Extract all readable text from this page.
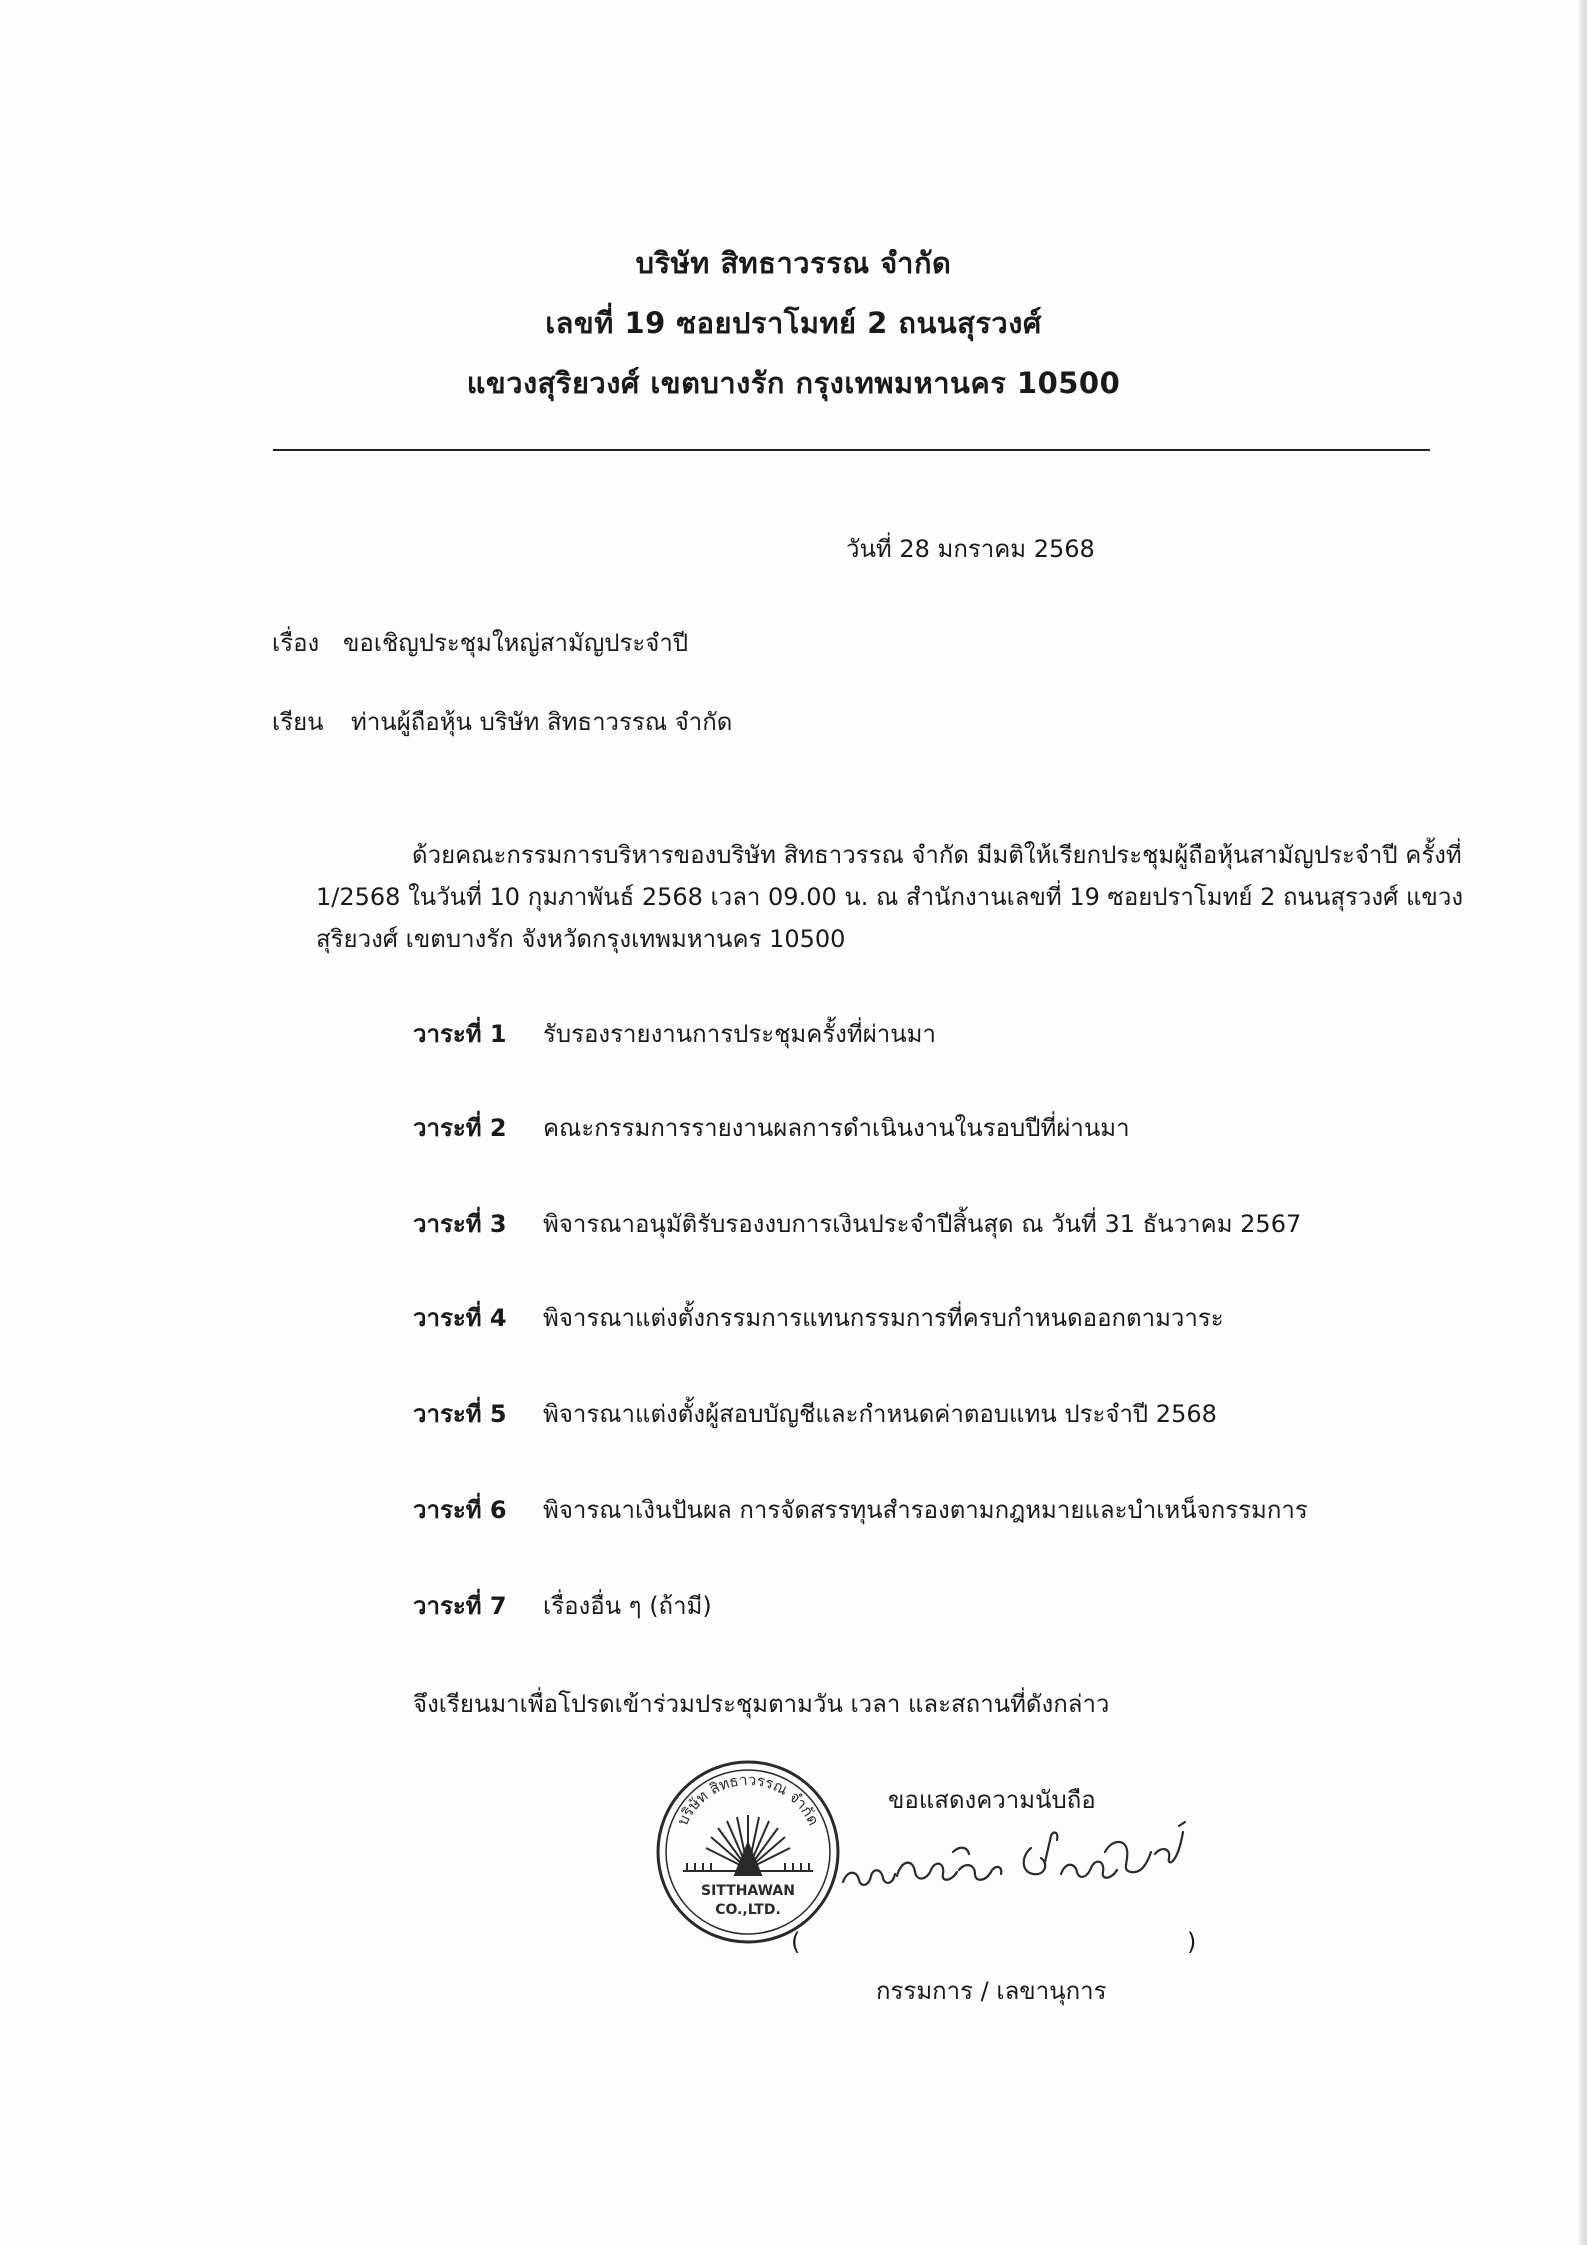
บริษัท สิทธาวรรณ จำกัด
เลขที่ 19 ซอยปราโมทย์ 2 ถนนสุรวงศ์
แขวงสุริยวงศ์ เขตบางรัก กรุงเทพมหานคร 10500
วันที่ 28 มกราคม 2568
เรื่อง ขอเชิญประชุมใหญ่สามัญประจำปี
เรียน ท่านผู้ถือหุ้น บริษัท สิทธาวรรณ จำกัด
ด้วยคณะกรรมการบริหารของบริษัท สิทธาวรรณ จำกัด มีมติให้เรียกประชุมผู้ถือหุ้นสามัญประจำปี ครั้งที่ 1/2568 ในวันที่ 10 กุมภาพันธ์ 2568 เวลา 09.00 น. ณ สำนักงานเลขที่ 19 ซอยปราโมทย์ 2 ถนนสุรวงศ์ แขวงสุริยวงศ์ เขตบางรัก จังหวัดกรุงเทพมหานคร 10500
วาระที่ 1 รับรองรายงานการประชุมครั้งที่ผ่านมา
วาระที่ 2 คณะกรรมการรายงานผลการดำเนินงานในรอบปีที่ผ่านมา
วาระที่ 3 พิจารณาอนุมัติรับรองงบการเงินประจำปีสิ้นสุด ณ วันที่ 31 ธันวาคม 2567
วาระที่ 4 พิจารณาแต่งตั้งกรรมการแทนกรรมการที่ครบกำหนดออกตามวาระ
วาระที่ 5 พิจารณาแต่งตั้งผู้สอบบัญชีและกำหนดค่าตอบแทน ประจำปี 2568
วาระที่ 6 พิจารณาเงินปันผล การจัดสรรทุนสำรองตามกฎหมายและบำเหน็จกรรมการ
วาระที่ 7 เรื่องอื่น ๆ (ถ้ามี)
จึงเรียนมาเพื่อโปรดเข้าร่วมประชุมตามวัน เวลา และสถานที่ดังกล่าว
บริษัท สิทธาวรรณ จำกัด
SITTHAWAN
CO.,LTD.
ขอแสดงความนับถือ
(	)
กรรมการ / เลขานุการ
